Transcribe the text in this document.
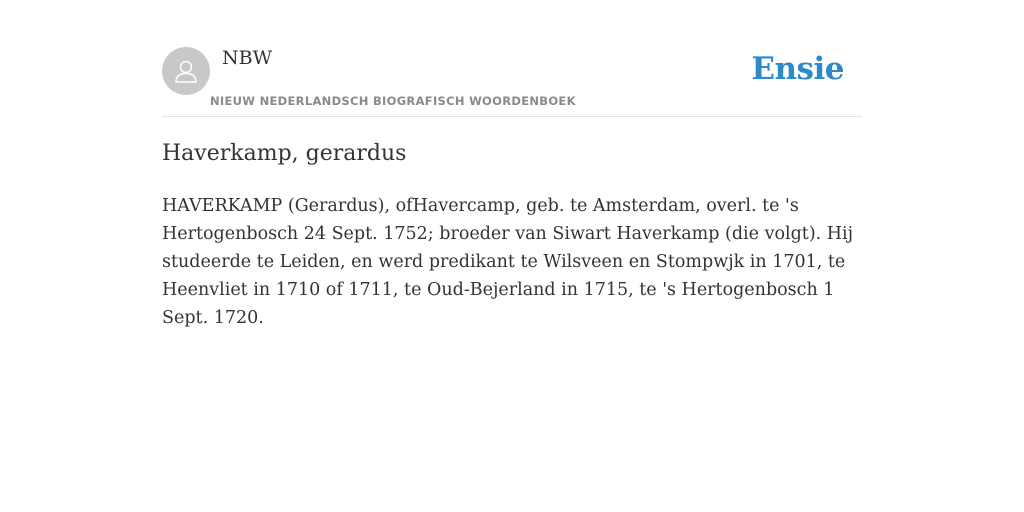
NBW
NIEUW NEDERLANDSCH BIOGRAFISCH WOORDENBOEK
Ensie
Haverkamp, gerardus

HAVERKAMP (Gerardus), ofHavercamp, geb. te Amsterdam, overl. te 's Hertogenbosch 24 Sept. 1752; broeder van Siwart Haverkamp (die volgt). Hij studeerde te Leiden, en werd predikant te Wilsveen en Stompwjk in 1701, te Heenvliet in 1710 of 1711, te Oud-Bejerland in 1715, te 's Hertogenbosch 1 Sept. 1720.
